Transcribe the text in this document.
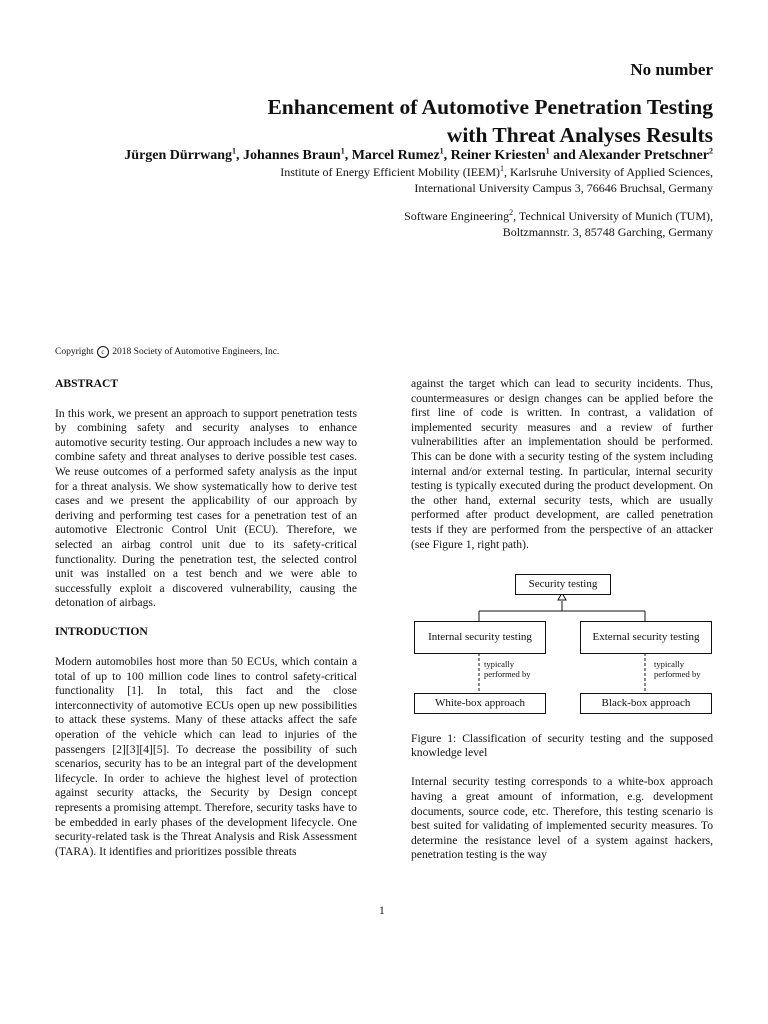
No number
Enhancement of Automotive Penetration Testing
with Threat Analyses Results
Jürgen Dürrwang$^1$, Johannes Braun$^1$, Marcel Rumez$^1$, Reiner Kriesten$^1$ and Alexander Pretschner$^2$
Institute of Energy Efficient Mobility (IEEM)$^1$, Karlsruhe University of Applied Sciences,
International University Campus 3, 76646 Bruchsal, Germany
Software Engineering$^2$, Technical University of Munich (TUM),
Boltzmannstr. 3, 85748 Garching, Germany
Copyright c 2018 Society of Automotive Engineers, Inc.
ABSTRACT

In this work, we present an approach to support penetration tests by combining safety and security analyses to enhance automotive security testing. Our approach includes a new way to combine safety and threat analyses to derive possible test cases. We reuse outcomes of a performed safety analysis as the input for a threat analysis. We show systematically how to derive test cases and we present the applicability of our approach by deriving and performing test cases for a penetration test of an automotive Electronic Control Unit (ECU). Therefore, we selected an airbag control unit due to its safety-critical functionality. During the penetration test, the selected control unit was installed on a test bench and we were able to successfully exploit a discovered vulnerability, causing the detonation of airbags.

INTRODUCTION

Modern automobiles host more than 50 ECUs, which contain a total of up to 100 million code lines to control safety-critical functionality [1]. In total, this fact and the close interconnectivity of automotive ECUs open up new possibilities to attack these systems. Many of these attacks affect the safe operation of the vehicle which can lead to injuries of the passengers [2][3][4][5]. To decrease the possibility of such scenarios, security has to be an integral part of the development lifecycle. In order to achieve the highest level of protection against security attacks, the Security by Design concept represents a promising attempt. Therefore, security tasks have to be embedded in early phases of the development lifecycle. One security-related task is the Threat Analysis and Risk Assessment (TARA). It identifies and prioritizes possible threats

against the target which can lead to security incidents. Thus, countermeasures or design changes can be applied before the first line of code is written. In contrast, a validation of implemented security measures and a review of further vulnerabilities after an implementation should be performed. This can be done with a security testing of the system including internal and/or external testing. In particular, internal security testing is typically executed during the product development. On the other hand, external security tests, which are usually performed after product development, are called penetration tests if they are performed from the perspective of an attacker (see Figure 1, right path).

Security testing
Internal security testing	External security testing
typically
performed by
typically
performed by
White-box approach	Black-box approach

Figure 1: Classification of security testing and the supposed knowledge level

Internal security testing corresponds to a white-box approach having a great amount of information, e.g. development documents, source code, etc. Therefore, this testing scenario is best suited for validating of implemented security measures. To determine the resistance level of a system against hackers, penetration testing is the way

1
